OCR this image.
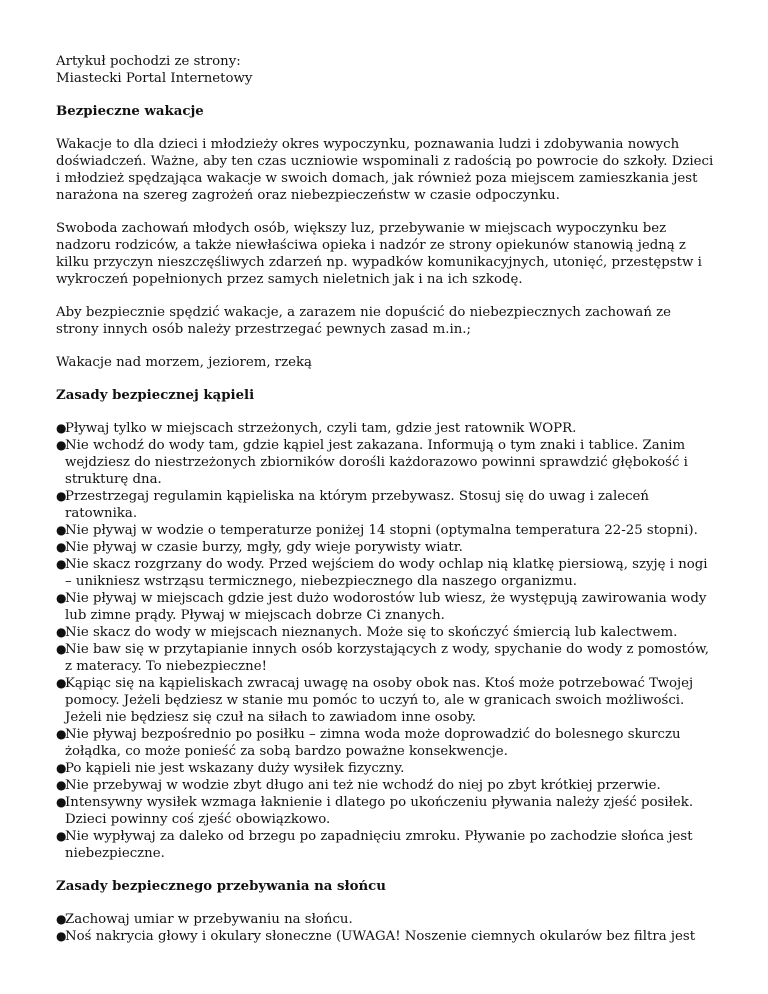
Artykuł pochodzi ze strony:
Miastecki Portal Internetowy

Bezpieczne wakacje

Wakacje to dla dzieci i młodzieży okres wypoczynku, poznawania ludzi i zdobywania nowych doświadczeń. Ważne, aby ten czas uczniowie wspominali z radością po powrocie do szkoły. Dzieci i młodzież spędzająca wakacje w swoich domach, jak również poza miejscem zamieszkania jest narażona na szereg zagrożeń oraz niebezpieczeństw w czasie odpoczynku.

Swoboda zachowań młodych osób, większy luz, przebywanie w miejscach wypoczynku bez nadzoru rodziców, a także niewłaściwa opieka i nadzór ze strony opiekunów stanowią jedną z kilku przyczyn nieszczęśliwych zdarzeń np. wypadków komunikacyjnych, utonięć, przestępstw i wykroczeń popełnionych przez samych nieletnich jak i na ich szkodę.

Aby bezpiecznie spędzić wakacje, a zarazem nie dopuścić do niebezpiecznych zachowań ze strony innych osób należy przestrzegać pewnych zasad m.in.;

Wakacje nad morzem, jeziorem, rzeką

Zasady bezpiecznej kąpieli
●
Pływaj tylko w miejscach strzeżonych, czyli tam, gdzie jest ratownik WOPR.
●
Nie wchodź do wody tam, gdzie kąpiel jest zakazana. Informują o tym znaki i tablice. Zanim wejdziesz do niestrzeżonych zbiorników dorośli każdorazowo powinni sprawdzić głębokość i strukturę dna.
●
Przestrzegaj regulamin kąpieliska na którym przebywasz. Stosuj się do uwag i zaleceń ratownika.
●
Nie pływaj w wodzie o temperaturze poniżej 14 stopni (optymalna temperatura 22-25 stopni).
●
Nie pływaj w czasie burzy, mgły, gdy wieje porywisty wiatr.
●
Nie skacz rozgrzany do wody. Przed wejściem do wody ochlap nią klatkę piersiową, szyję i nogi – unikniesz wstrząsu termicznego, niebezpiecznego dla naszego organizmu.
●
Nie pływaj w miejscach gdzie jest dużo wodorostów lub wiesz, że występują zawirowania wody lub zimne prądy. Pływaj w miejscach dobrze Ci znanych.
●
Nie skacz do wody w miejscach nieznanych. Może się to skończyć śmiercią lub kalectwem.
●
Nie baw się w przytapianie innych osób korzystających z wody, spychanie do wody z pomostów, z materacy. To niebezpieczne!
●
Kąpiąc się na kąpieliskach zwracaj uwagę na osoby obok nas. Ktoś może potrzebować Twojej pomocy. Jeżeli będziesz w stanie mu pomóc to uczyń to, ale w granicach swoich możliwości. Jeżeli nie będziesz się czuł na siłach to zawiadom inne osoby.
●
Nie pływaj bezpośrednio po posiłku – zimna woda może doprowadzić do bolesnego skurczu żołądka, co może ponieść za sobą bardzo poważne konsekwencje.
●
Po kąpieli nie jest wskazany duży wysiłek fizyczny.
●
Nie przebywaj w wodzie zbyt długo ani też nie wchodź do niej po zbyt krótkiej przerwie.
●
Intensywny wysiłek wzmaga łaknienie i dlatego po ukończeniu pływania należy zjeść posiłek. Dzieci powinny coś zjeść obowiązkowo.
●
Nie wypływaj za daleko od brzegu po zapadnięciu zmroku. Pływanie po zachodzie słońca jest niebezpieczne.
Zasady bezpiecznego przebywania na słońcu
●
Zachowaj umiar w przebywaniu na słońcu.
●
Noś nakrycia głowy i okulary słoneczne (UWAGA! Noszenie ciemnych okularów bez filtra jest
